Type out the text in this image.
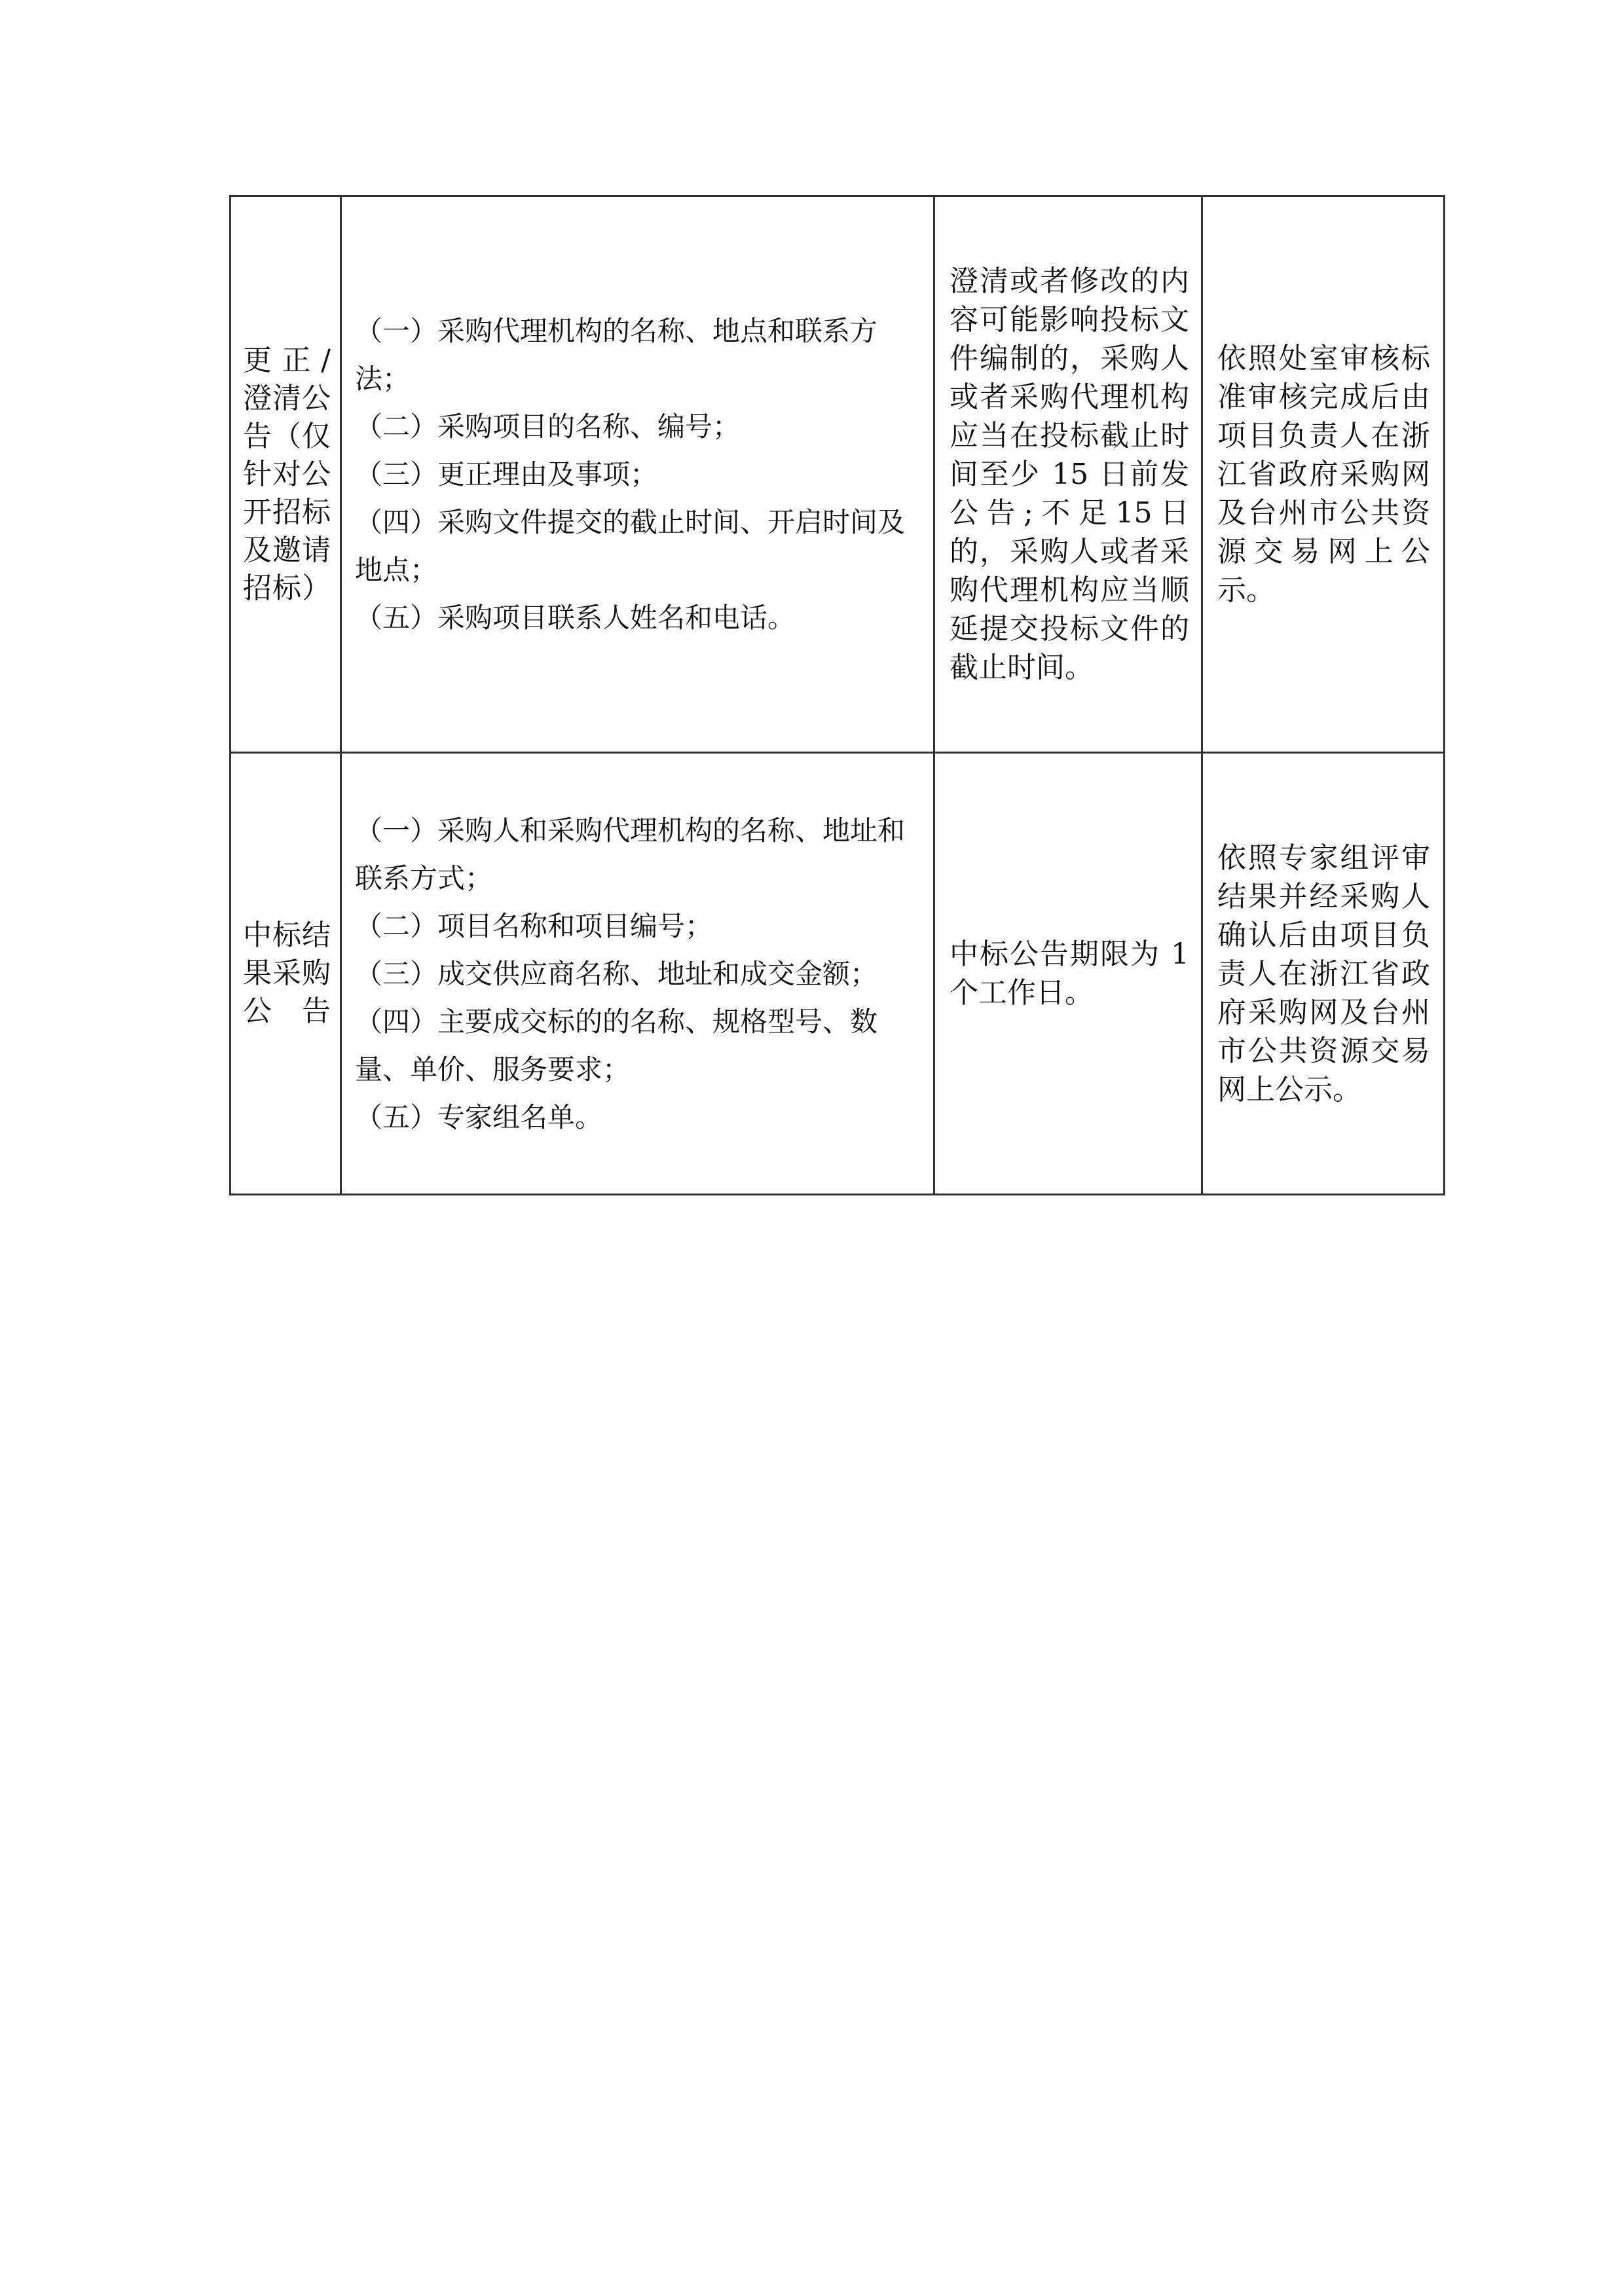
更正/澄清公告（仅针对公开招标及邀请招标）	（一）采购代理机构的名称、地点和联系方法；
（二）采购项目的名称、编号；
（三）更正理由及事项；
（四）采购文件提交的截止时间、开启时间及地点；
（五）采购项目联系人姓名和电话。	澄清或者修改的内容可能影响投标文件编制的，采购人或者采购代理机构应当在投标截止时间至少 15 日前发公告;不足15日的，采购人或者采购代理机构应当顺延提交投标文件的截止时间。	依照处室审核标准审核完成后由项目负责人在浙江省政府采购网及台州市公共资源交易网上公示。
中标结果采购公告	（一）采购人和采购代理机构的名称、地址和联系方式；
（二）项目名称和项目编号；
（三）成交供应商名称、地址和成交金额；
（四）主要成交标的的名称、规格型号、数量、单价、服务要求；
（五）专家组名单。	中标公告期限为 1 个工作日。	依照专家组评审结果并经采购人确认后由项目负责人在浙江省政府采购网及台州市公共资源交易网上公示。
